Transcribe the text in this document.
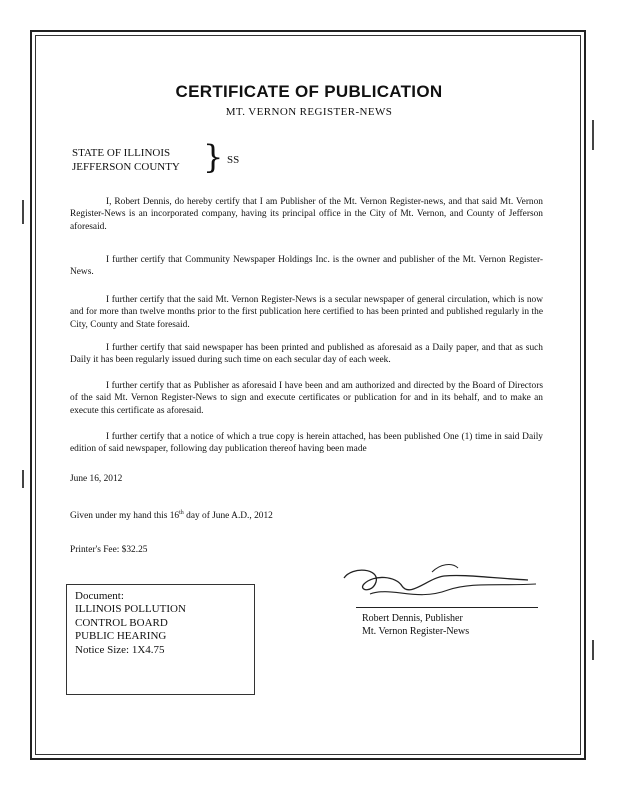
CERTIFICATE OF PUBLICATION
MT. VERNON REGISTER-NEWS
STATE OF ILLINOIS
JEFFERSON COUNTY } SS
I, Robert Dennis, do hereby certify that I am Publisher of the Mt. Vernon Register-news, and that said Mt. Vernon Register-News is an incorporated company, having its principal office in the City of Mt. Vernon, and County of Jefferson aforesaid.
I further certify that Community Newspaper Holdings Inc. is the owner and publisher of the Mt. Vernon Register-News.
I further certify that the said Mt. Vernon Register-News is a secular newspaper of general circulation, which is now and for more than twelve months prior to the first publication here certified to has been printed and published regularly in the City, County and State foresaid.
I further certify that said newspaper has been printed and published as aforesaid as a Daily paper, and that as such Daily it has been regularly issued during such time on each secular day of each week.
I further certify that as Publisher as aforesaid I have been and am authorized and directed by the Board of Directors of the said Mt. Vernon Register-News to sign and execute certificates or publication for and in its behalf, and to make an execute this certificate as aforesaid.
I further certify that a notice of which a true copy is herein attached, has been published One (1) time in said Daily edition of said newspaper, following day publication thereof having been made
June 16, 2012
Given under my hand this 16th day of June A.D., 2012
Printer's Fee: $32.25
Document:
ILLINOIS POLLUTION
CONTROL BOARD
PUBLIC HEARING
Notice Size: 1X4.75
Robert Dennis, Publisher
Mt. Vernon Register-News
